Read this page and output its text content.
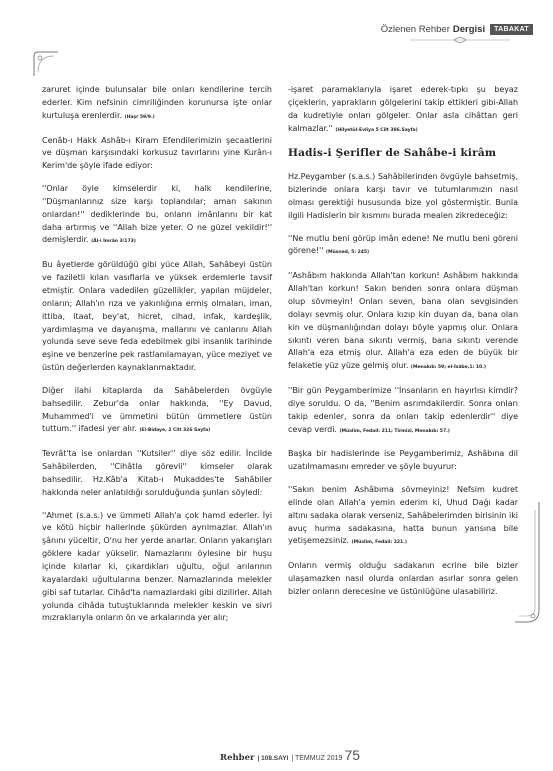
Özlenen Rehber Dergisi	TABAKAT

zaruret içinde bulunsalar bile onları kendilerine tercih ederler. Kim nefsinin cimriliğinden korunursa işte onlar kurtuluşa erenlerdir. (Haşr 59/9.)

Cenâb-ı Hakk Ashâb-ı Kiram Efendilerimizin şecaatlerini ve düşman karşısındaki korkusuz tavırlarını yine Kurân-ı Kerim'de şöyle ifade ediyor:

''Onlar öyle kimselerdir ki, halk kendilerine, ''Düşmanlarınız size karşı toplandılar; aman sakının onlardan!'' dediklerinde bu, onların imânlarını bir kat daha artırmış ve ''Allah bize yeter. O ne güzel vekildir!'' demişlerdir. (Âl-i İmrân 3/173)

Bu âyetlerde görüldüğü gibi yüce Allah, Sahâbeyi üstün ve faziletli kılan vasıflarla ve yüksek erdemlerle tavsif etmiştir. Onlara vadedilen güzellikler, yapılan müjdeler, onların; Allah'ın rıza ve yakınlığına ermiş olmaları, iman, ittiba, itaat, bey'at, hicret, cihad, infak, kardeşlik, yardımlaşma ve dayanışma, mallarını ve canlarını Allah yolunda seve seve feda edebilmek gibi insanlık tarihinde eşine ve benzerine pek rastlanılamayan, yüce meziyet ve üstün değerlerden kaynaklanmaktadır.

Diğer ilahi kitaplarda da Sahâbelerden övgüyle bahsedilir. Zebur'da onlar hakkında, ''Ey Davud, Muhammed'i ve ümmetini bütün ümmetlere üstün tuttum.'' ifadesi yer alır. (El-Bidaye, 2 Cilt 326 Sayfa)

Tevrât'ta ise onlardan ''Kutsiler'' diye söz edilir. İncilde Sahâbilerden, ''Cihâtla görevli'' kimseler olarak bahsedilir. Hz.Kâb'a Kitab-ı Mukaddes'te Sahâbiler hakkında neler anlatıldığı sorulduğunda şunları söyledi:

''Ahmet (s.a.s.) ve ümmeti Allah'a çok hamd ederler. İyi ve kötü hiçbir hallerinde şükürden ayrılmazlar. Allah'ın şânını yüceltir, O'nu her yerde anarlar. Onların yakarışları göklere kadar yükselir. Namazlarını öylesine bir huşu içinde kılarlar ki, çıkardıkları uğultu, oğul arılarının kayalardaki uğultularına benzer. Namazlarında melekler gibi saf tutarlar. Cihâd'ta namazlardaki gibi dizilirler. Allah yolunda cihâda tutuştuklarında melekler keskin ve sivri mızraklarıyla onların ön ve arkalarında yer alır;

-işaret paramaklarıyla işaret ederek-tıpkı şu beyaz çiçeklerin, yaprakların gölgelerini takip ettikleri gibi-Allah da kudretiyle onları gölgeler. Onlar asla cihâttan geri kalmazlar.'' (Hilyetül-Evliya 5 Cilt 386.Sayfa)

Hadis-i Şerifler de Sahâbe-i kirâm

Hz.Peygamber (s.a.s.) Sahâbilerinden övgüyle bahsetmiş, bizlerinde onlara karşı tavır ve tutumlarımızın nasıl olması gerektiği hususunda bize yol göstermiştir. Bunla ilgili Hadislerin bir kısmını burada mealen zikredeceğiz:

''Ne mutlu beni görüp imân edene! Ne mutlu beni göreni görene!'' (Müsned, 5: 245)

''Ashâbım hakkında Allah'tan korkun! Ashâbım hakkında Allah'tan korkun! Sakın benden sonra onlara düşman olup sövmeyin! Onları seven, bana olan sevgisinden dolayı sevmiş olur. Onlara kızıp kin duyan da, bana olan kin ve düşmanlığından dolayı böyle yapmış olur. Onlara sıkıntı veren bana sıkıntı vermiş, bana sıkıntı verende Allah'a eza etmiş olur. Allah'a eza eden de büyük bir felaketle yüz yüze gelmiş olur. (Menakıb: 59; el-İsâbe,1: 10.)

''Bir gün Peygamberimize ''İnsanların en hayırlısı kimdir? diye soruldu. O da, ''Benim asrımdakilerdir. Sonra onları takip edenler, sonra da onları takip edenlerdir'' diye cevap verdi. (Müslim, Fedail: 211; Tirmizi, Menakıb: 57.)

Başka bir hadislerinde ise Peygamberimiz, Ashâbına dil uzatılmamasını emreder ve şöyle buyurur:

''Sakın benim Ashâbıma sövmeyiniz! Nefsim kudret elinde olan Allah'a yemin ederim ki, Uhud Dağı kadar altını sadaka olarak verseniz, Sahâbelerimden birisinin iki avuç hurma sadakasına, hatta bunun yarısına bile yetişemezsiniz. (Müslim, Fedail: 221.)

Onların vermiş olduğu sadakanın ecrine bile bizler ulaşamazken nasıl olurda onlardan asırlar sonra gelen bizler onların derecesine ve üstünlüğüne ulasabiliriz.

Rehber | 108.SAYI | TEMMUZ 2019 75
